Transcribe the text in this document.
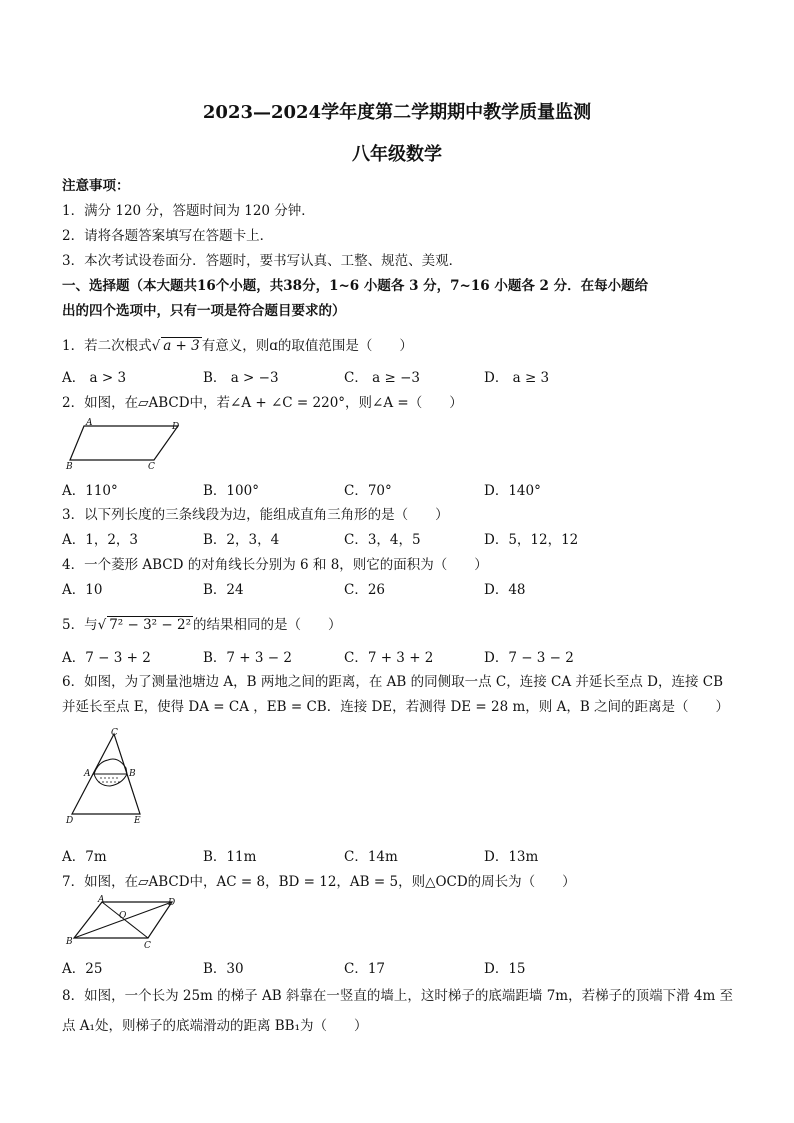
2023—2024学年度第二学期期中教学质量监测
八年级数学
注意事项：
1．满分 120 分，答题时间为 120 分钟．
2．请将各题答案填写在答题卡上．
3．本次考试设卷面分．答题时，要书写认真、工整、规范、美观．
一、选择题（本大题共16个小题，共38分，1~6 小题各 3 分，7~16 小题各 2 分．在每小题给
出的四个选项中，只有一项是符合题目要求的）
1．若二次根式√ a + 3 有意义，则ɑ的取值范围是（　　）
A． a > 3	B． a > −3	C． a ≥ −3	D． a ≥ 3
2．如图，在▱ABCD中，若∠A + ∠C = 220°，则∠A =（　　）
A	D
B	C
A．110°	B．100°	C．70°	D．140°
3．以下列长度的三条线段为边，能组成直角三角形的是（　　）
A．1，2，3	B．2，3，4	C．3，4，5	D．5，12，12
4．一个菱形 ABCD 的对角线长分别为 6 和 8，则它的面积为（　　）
A．10	B．24	C．26	D．48
5．与√ 7² − 3² − 2² 的结果相同的是（　　）
A．7 − 3 + 2	B．7 + 3 − 2	C．7 + 3 + 2	D．7 − 3 − 2
6．如图，为了测量池塘边 A，B 两地之间的距离，在 AB 的同侧取一点 C，连接 CA 并延长至点 D，连接 CB
并延长至点 E，使得 DA = CA ，EB = CB．连接 DE，若测得 DE = 28 m，则 A，B 之间的距离是（　　）
C
A	B
D	E
A．7m	B．11m	C．14m	D．13m
7．如图，在▱ABCD中，AC = 8，BD = 12，AB = 5，则△OCD的周长为（　　）
A	D
O
B	C
A．25	B．30	C．17	D．15
8．如图，一个长为 25m 的梯子 AB 斜靠在一竖直的墙上，这时梯子的底端距墙 7m，若梯子的顶端下滑 4m 至
点 A₁处，则梯子的底端滑动的距离 BB₁为（　　）
